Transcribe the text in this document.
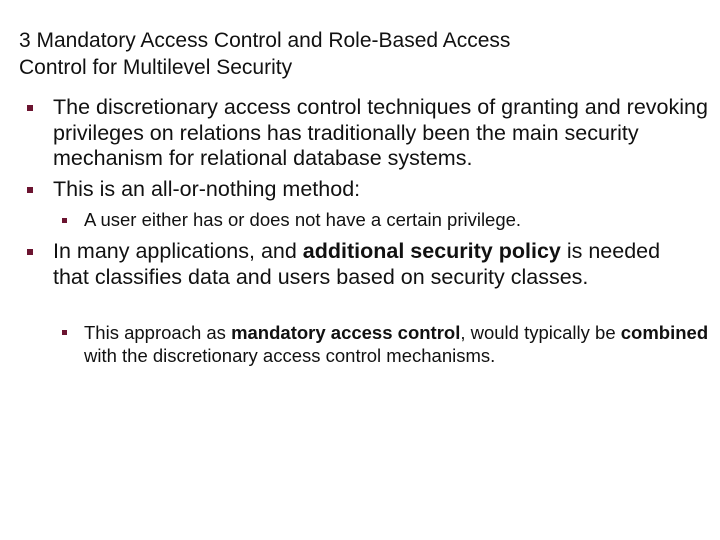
3 Mandatory Access Control and Role-Based Access
Control for Multilevel Security
The discretionary access control techniques of granting and revoking privileges on relations has traditionally been the main security mechanism for relational database systems.
This is an all-or-nothing method:
A user either has or does not have a certain privilege.
In many applications, and additional security policy is needed that classifies data and users based on security classes.
This approach as mandatory access control, would typically be combined with the discretionary access control mechanisms.
